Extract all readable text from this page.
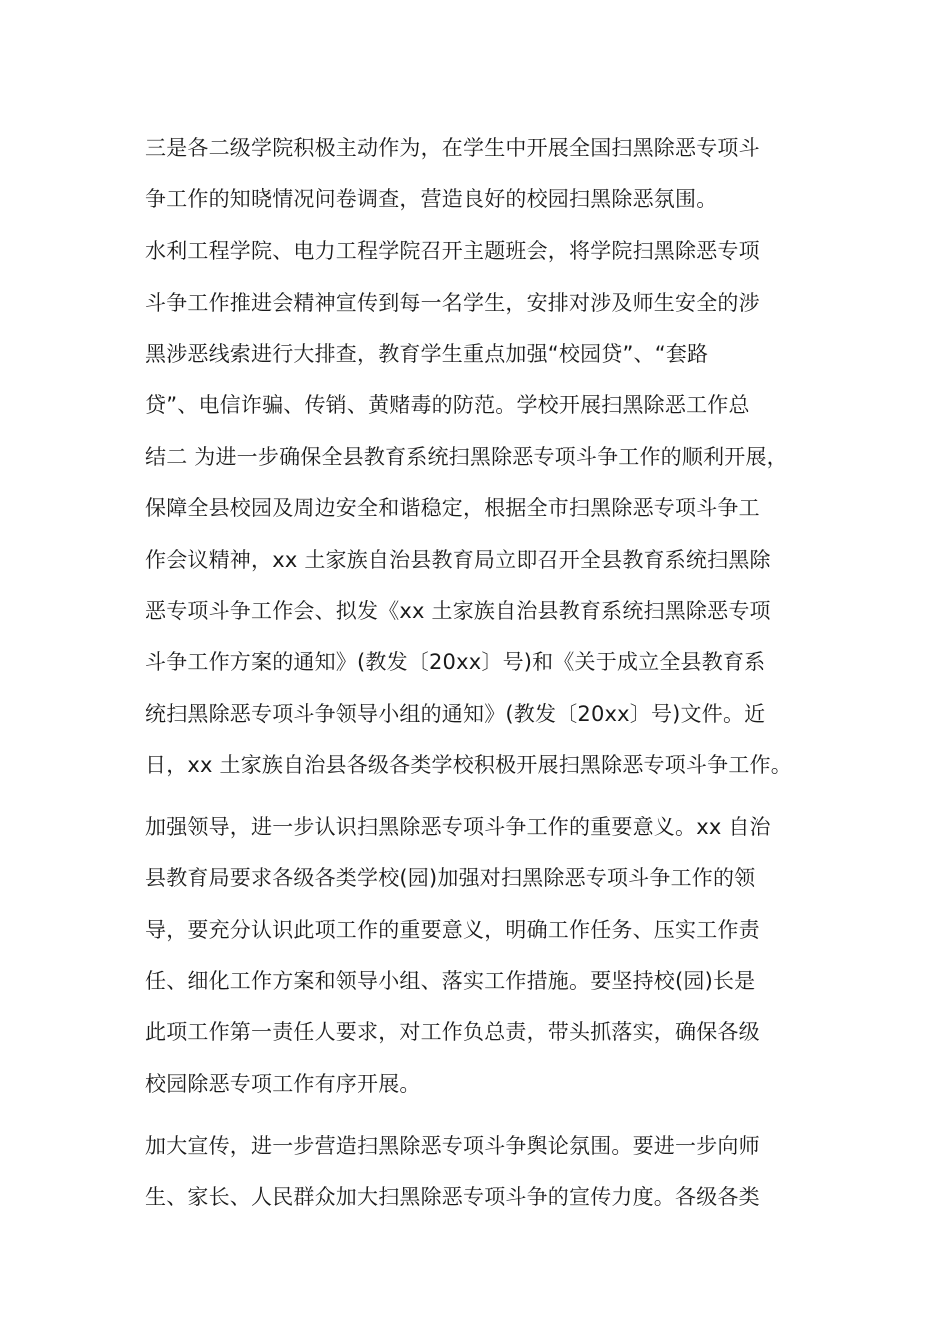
三是各二级学院积极主动作为，在学生中开展全国扫黑除恶专项斗
争工作的知晓情况问卷调查，营造良好的校园扫黑除恶氛围。
水利工程学院、电力工程学院召开主题班会，将学院扫黑除恶专项
斗争工作推进会精神宣传到每一名学生，安排对涉及师生安全的涉
黑涉恶线索进行大排查，教育学生重点加强“校园贷”、“套路
贷”、电信诈骗、传销、黄赌毒的防范。学校开展扫黑除恶工作总
结二 为进一步确保全县教育系统扫黑除恶专项斗争工作的顺利开展，
保障全县校园及周边安全和谐稳定，根据全市扫黑除恶专项斗争工
作会议精神，xx 土家族自治县教育局立即召开全县教育系统扫黑除
恶专项斗争工作会、拟发《xx 土家族自治县教育系统扫黑除恶专项
斗争工作方案的通知》(教发〔20xx〕号)和《关于成立全县教育系
统扫黑除恶专项斗争领导小组的通知》(教发〔20xx〕号)文件。近
日，xx 土家族自治县各级各类学校积极开展扫黑除恶专项斗争工作。
加强领导，进一步认识扫黑除恶专项斗争工作的重要意义。xx 自治
县教育局要求各级各类学校(园)加强对扫黑除恶专项斗争工作的领
导，要充分认识此项工作的重要意义，明确工作任务、压实工作责
任、细化工作方案和领导小组、落实工作措施。要坚持校(园)长是
此项工作第一责任人要求，对工作负总责，带头抓落实，确保各级
校园除恶专项工作有序开展。
加大宣传，进一步营造扫黑除恶专项斗争舆论氛围。要进一步向师
生、家长、人民群众加大扫黑除恶专项斗争的宣传力度。各级各类
